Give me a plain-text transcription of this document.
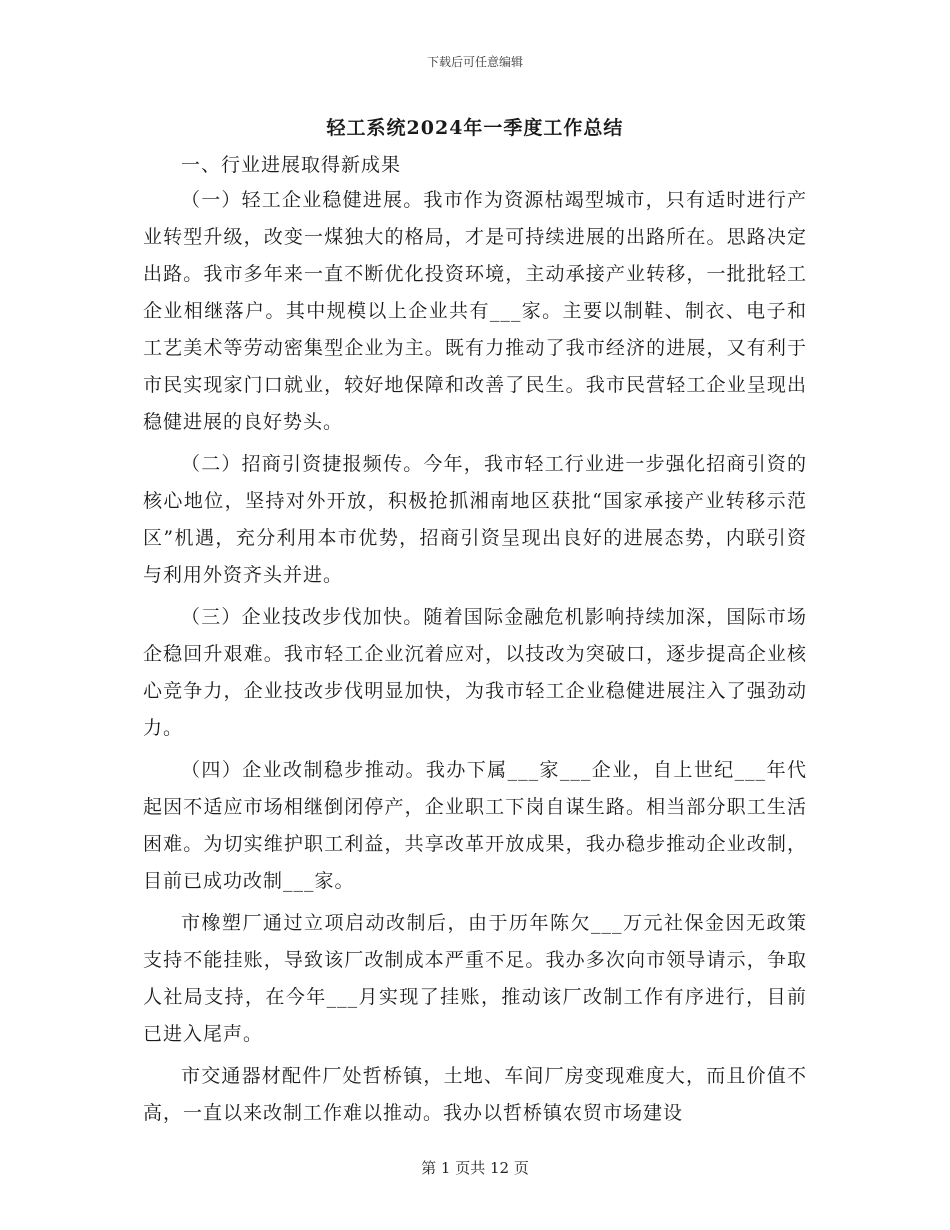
下载后可任意编辑
轻工系统2024年一季度工作总结

一、行业进展取得新成果

（一）轻工企业稳健进展。我市作为资源枯竭型城市，只有适时进行产业转型升级，改变一煤独大的格局，才是可持续进展的出路所在。思路决定出路。我市多年来一直不断优化投资环境，主动承接产业转移，一批批轻工企业相继落户。其中规模以上企业共有___家。主要以制鞋、制衣、电子和工艺美术等劳动密集型企业为主。既有力推动了我市经济的进展，又有利于市民实现家门口就业，较好地保障和改善了民生。我市民营轻工企业呈现出稳健进展的良好势头。

（二）招商引资捷报频传。今年，我市轻工行业进一步强化招商引资的核心地位，坚持对外开放，积极抢抓湘南地区获批“国家承接产业转移示范区”机遇，充分利用本市优势，招商引资呈现出良好的进展态势，内联引资与利用外资齐头并进。

（三）企业技改步伐加快。随着国际金融危机影响持续加深，国际市场企稳回升艰难。我市轻工企业沉着应对，以技改为突破口，逐步提高企业核心竞争力，企业技改步伐明显加快，为我市轻工企业稳健进展注入了强劲动力。

（四）企业改制稳步推动。我办下属___家___企业，自上世纪___年代起因不适应市场相继倒闭停产，企业职工下岗自谋生路。相当部分职工生活困难。为切实维护职工利益，共享改革开放成果，我办稳步推动企业改制，目前已成功改制___家。

市橡塑厂通过立项启动改制后，由于历年陈欠___万元社保金因无政策支持不能挂账，导致该厂改制成本严重不足。我办多次向市领导请示，争取人社局支持，在今年___月实现了挂账，推动该厂改制工作有序进行，目前已进入尾声。

市交通器材配件厂处哲桥镇，土地、车间厂房变现难度大，而且价值不高，一直以来改制工作难以推动。我办以哲桥镇农贸市场建设

第 1 页共 12 页
